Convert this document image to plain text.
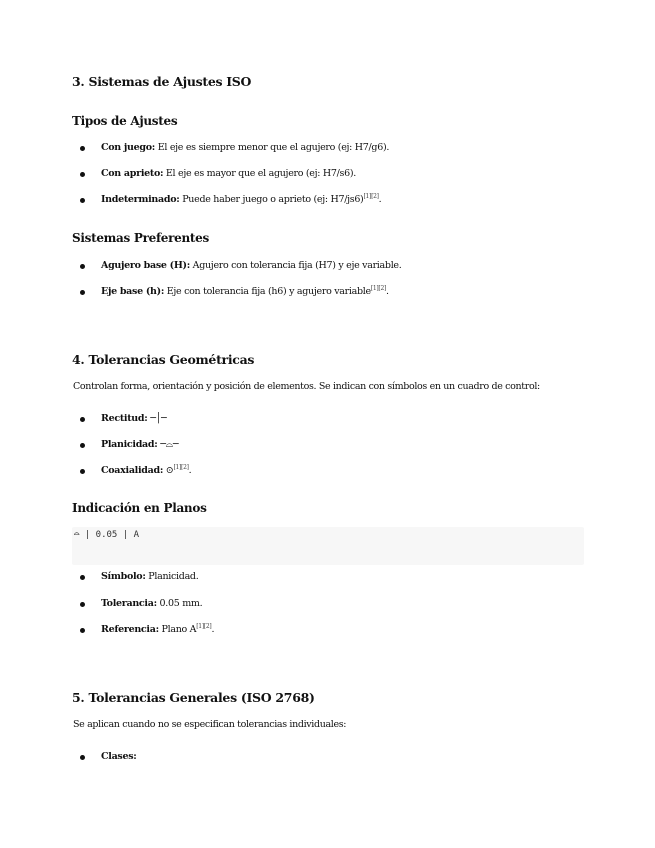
3. Sistemas de Ajustes ISO
Tipos de Ajustes
Con juego: El eje es siempre menor que el agujero (ej: H7/g6).
Con aprieto: El eje es mayor que el agujero (ej: H7/s6).
Indeterminado: Puede haber juego o aprieto (ej: H7/js6)[1][2].
Sistemas Preferentes
Agujero base (H): Agujero con tolerancia fija (H7) y eje variable.
Eje base (h): Eje con tolerancia fija (h6) y agujero variable[1][2].
4. Tolerancias Geométricas

Controlan forma, orientación y posición de elementos. Se indican con símbolos en un cuadro de control:

Rectitud: ─│─
Planicidad: ─⌓─
Coaxialidad: ⊙[1][2].
Indicación en Planos
⌓ | 0.05 | A
Símbolo: Planicidad.
Tolerancia: 0.05 mm.
Referencia: Plano A[1][2].
5. Tolerancias Generales (ISO 2768)

Se aplican cuando no se especifican tolerancias individuales:

Clases:
